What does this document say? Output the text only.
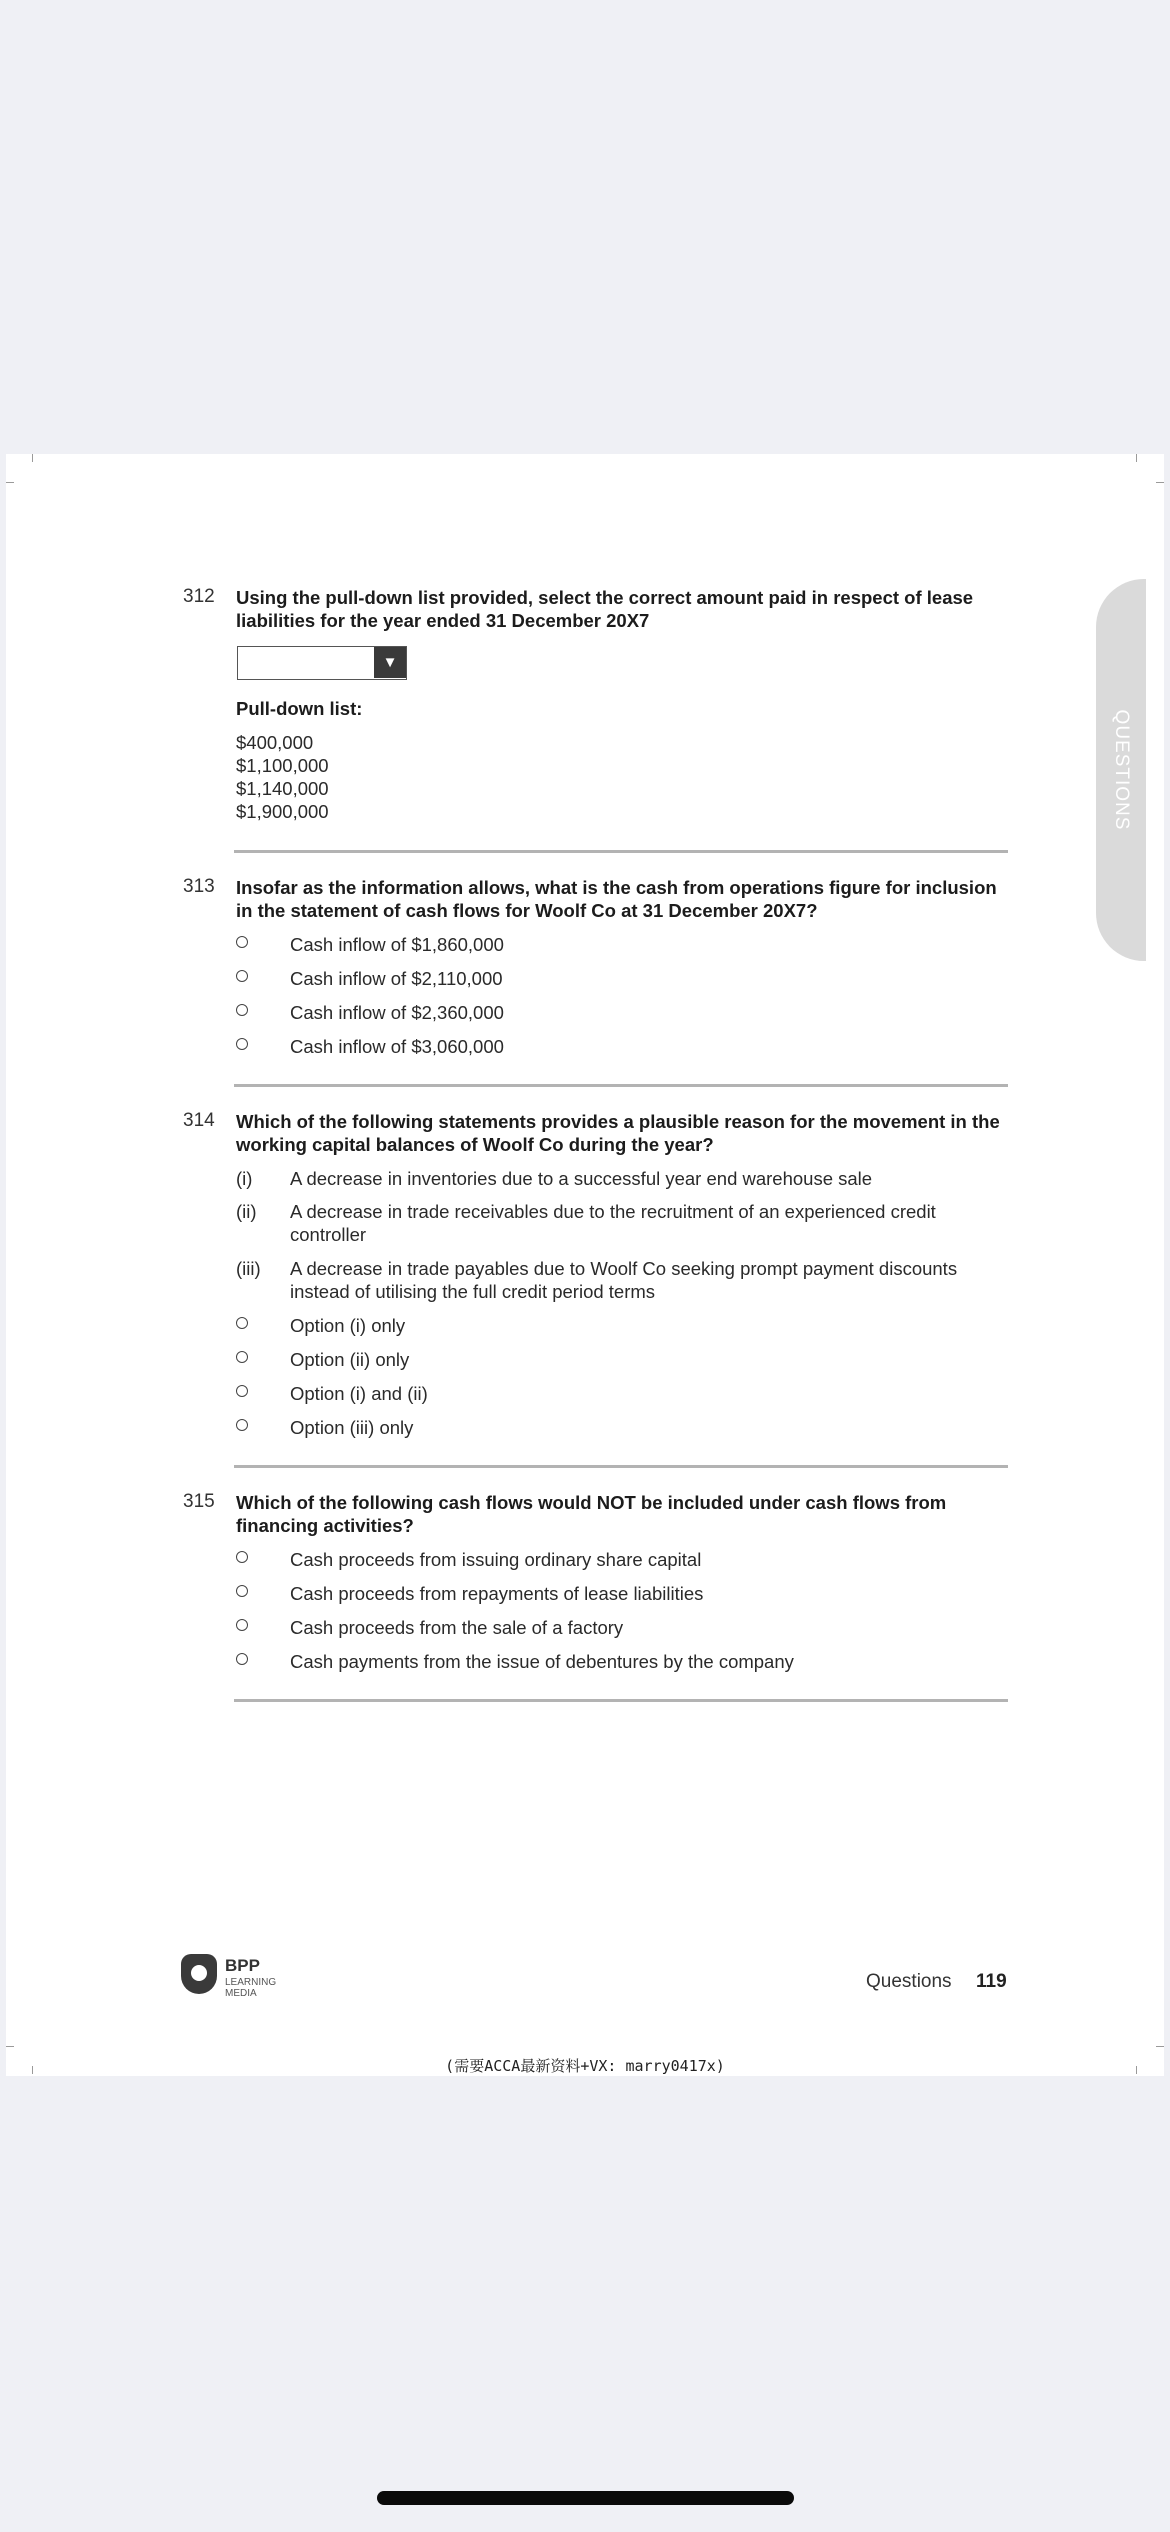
QUESTIONS
312 Using the pull-down list provided, select the correct amount paid in respect of lease liabilities for the year ended 31 December 20X7
▼
Pull-down list:
$400,000
$1,100,000
$1,140,000
$1,900,000
313 Insofar as the information allows, what is the cash from operations figure for inclusion in the statement of cash flows for Woolf Co at 31 December 20X7?
Cash inflow of $1,860,000
Cash inflow of $2,110,000
Cash inflow of $2,360,000
Cash inflow of $3,060,000
314 Which of the following statements provides a plausible reason for the movement in the working capital balances of Woolf Co during the year?
(i) A decrease in inventories due to a successful year end warehouse sale
(ii) A decrease in trade receivables due to the recruitment of an experienced credit controller
(iii) A decrease in trade payables due to Woolf Co seeking prompt payment discounts instead of utilising the full credit period terms
Option (i) only
Option (ii) only
Option (i) and (ii)
Option (iii) only
315 Which of the following cash flows would NOT be included under cash flows from financing activities?
Cash proceeds from issuing ordinary share capital
Cash proceeds from repayments of lease liabilities
Cash proceeds from the sale of a factory
Cash payments from the issue of debentures by the company
BPP
LEARNING MEDIA
Questions 119
(需要ACCA最新资料+VX: marry0417x)
